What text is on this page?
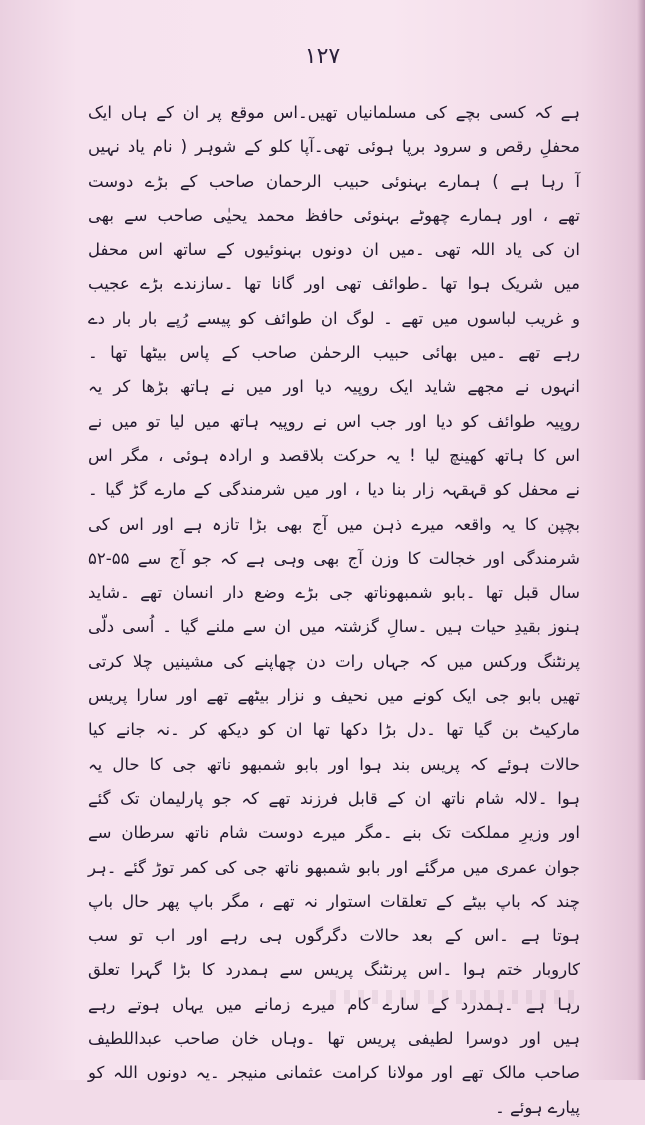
۱۲۷
ہے کہ کسی بچے کی مسلمانیاں تھیں۔اس موقع پر ان کے ہاں ایک
محفلِ رقص و سرود برپا ہوئی تھی۔آپا کلو کے شوہر ( نام یاد نہیں
آ رہا ہے ) ہمارے بہنوئی حبیب الرحمان صاحب کے بڑے دوست
تھے ، اور ہمارے چھوٹے بہنوئی حافظ محمد یحیٰی صاحب سے بھی
ان کی یاد اللہ تھی ۔میں ان دونوں بہنوئیوں کے ساتھ اس محفل
میں شریک ہوا تھا ۔طوائف تھی اور گانا تھا ۔سازندے بڑے عجیب
و غریب لباسوں میں تھے ۔ لوگ ان طوائف کو پیسے رُپے بار بار دے
رہے تھے ۔میں بھائی حبیب الرحمٰن صاحب کے پاس بیٹھا تھا ۔
انہوں نے مجھے شاید ایک روپیہ دیا اور میں نے ہاتھ بڑھا کر یہ
روپیہ طوائف کو دیا اور جب اس نے روپیہ ہاتھ میں لیا تو میں نے
اس کا ہاتھ کھینچ لیا ! یہ حرکت بلاقصد و ارادہ ہوئی ، مگر اس
نے محفل کو قہقہہ زار بنا دیا ، اور میں شرمندگی کے مارے گڑ گیا ۔
بچپن کا یہ واقعہ میرے ذہن میں آج بھی بڑا تازہ ہے اور اس کی
شرمندگی اور خجالت کا وزن آج بھی وہی ہے کہ جو آج سے ۵۵-۵۲
سال قبل تھا ۔بابو شمبھوناتھ جی بڑے وضع دار انسان تھے ۔شاید
ہنوز بقیدِ حیات ہیں ۔سالِ گزشتہ میں ان سے ملنے گیا ۔ اُسی دلّی
پرنٹنگ ورکس میں کہ جہاں رات دن چھاپنے کی مشینیں چلا کرتی
تھیں بابو جی ایک کونے میں نحیف و نزار بیٹھے تھے اور سارا پریس
مارکیٹ بن گیا تھا ۔دل بڑا دکھا تھا ان کو دیکھ کر ۔نہ جانے کیا
حالات ہوئے کہ پریس بند ہوا اور بابو شمبھو ناتھ جی کا حال یہ
ہوا ۔لالہ شام ناتھ ان کے قابل فرزند تھے کہ جو پارلیمان تک گئے
اور وزیرِ مملکت تک بنے ۔مگر میرے دوست شام ناتھ سرطان سے
جوان عمری میں مرگئے اور بابو شمبھو ناتھ جی کی کمر توڑ گئے ۔ہر
چند کہ باپ بیٹے کے تعلقات استوار نہ تھے ، مگر باپ پھر حال باپ
ہوتا ہے ۔اس کے بعد حالات دگرگوں ہی رہے اور اب تو سب
کاروبار ختم ہوا ۔اس پرنٹنگ پریس سے ہمدرد کا بڑا گہرا تعلق
رہا ہے ۔ہمدرد کے سارے کام میرے زمانے میں یہاں ہوتے رہے
ہیں اور دوسرا لطیفی پریس تھا ۔وہاں خان صاحب عبداللطیف
صاحب مالک تھے اور مولانا کرامت عثمانی منیجر ۔یہ دونوں اللہ کو
پیارے ہوئے ۔
